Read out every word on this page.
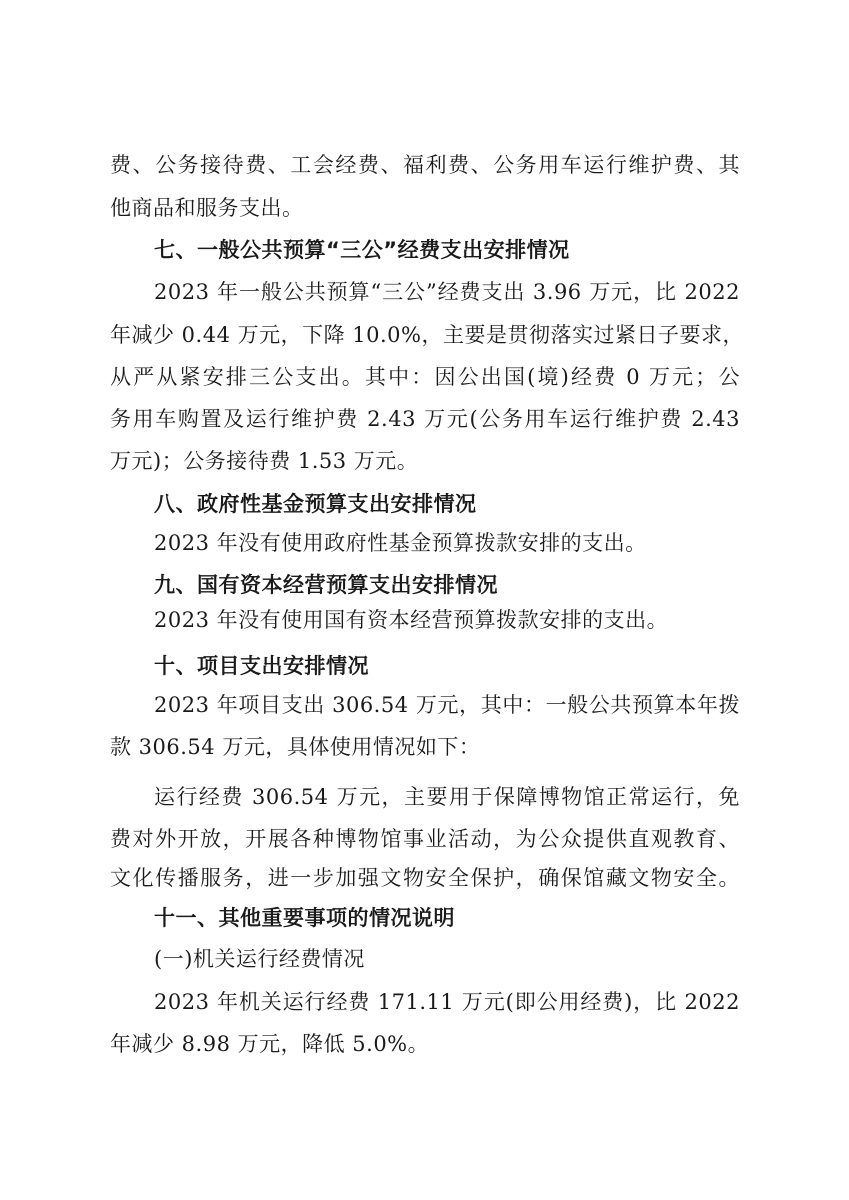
费、公务接待费、工会经费、福利费、公务用车运行维护费、其
他商品和服务支出。
七、一般公共预算“三公”经费支出安排情况
2023 年一般公共预算“三公”经费支出 3.96 万元，比 2022
年减少 0.44 万元，下降 10.0%，主要是贯彻落实过紧日子要求，
从严从紧安排三公支出。其中：因公出国(境)经费 0 万元；公
务用车购置及运行维护费 2.43 万元(公务用车运行维护费 2.43
万元)；公务接待费 1.53 万元。
八、政府性基金预算支出安排情况
2023 年没有使用政府性基金预算拨款安排的支出。
九、国有资本经营预算支出安排情况
2023 年没有使用国有资本经营预算拨款安排的支出。
十、项目支出安排情况
2023 年项目支出 306.54 万元，其中：一般公共预算本年拨
款 306.54 万元，具体使用情况如下：
运行经费 306.54 万元，主要用于保障博物馆正常运行，免
费对外开放，开展各种博物馆事业活动，为公众提供直观教育、
文化传播服务，进一步加强文物安全保护，确保馆藏文物安全。
十一、其他重要事项的情况说明
(一)机关运行经费情况
2023 年机关运行经费 171.11 万元(即公用经费)，比 2022
年减少 8.98 万元，降低 5.0%。
